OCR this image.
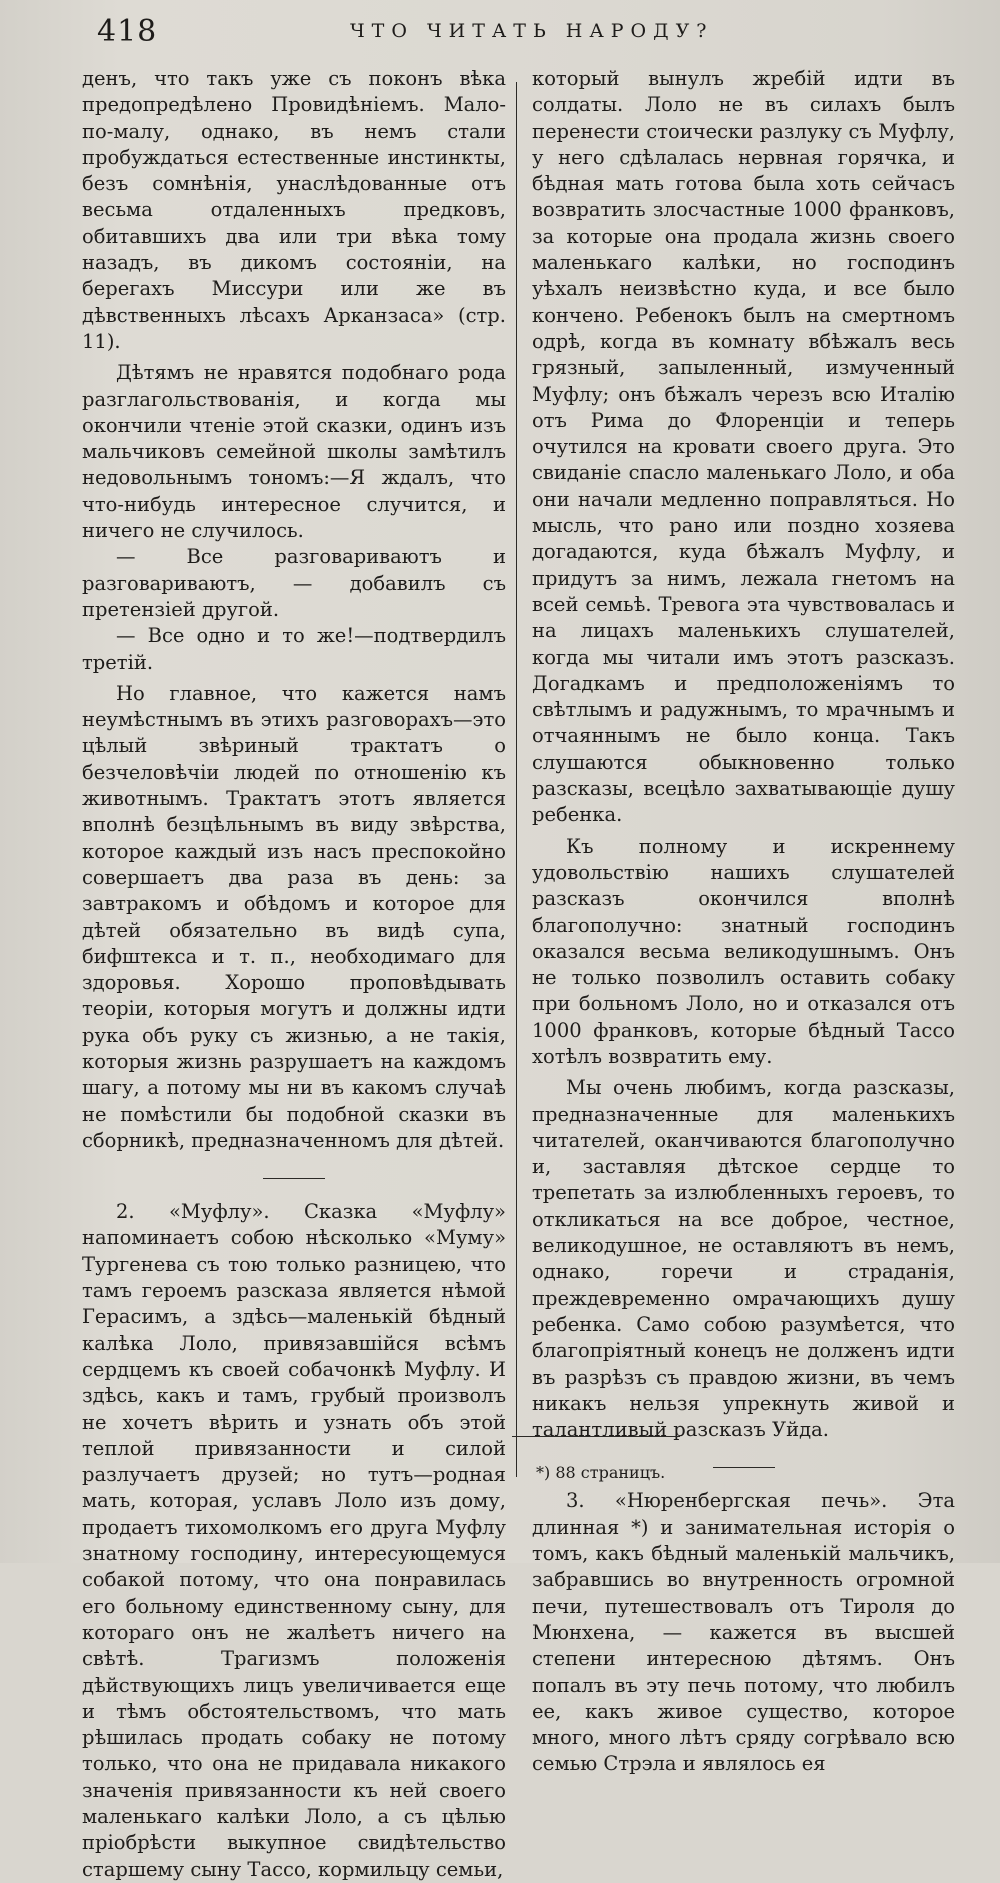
418	ЧТО ЧИТАТЬ НАРОДУ?

денъ, что такъ уже съ поконъ вѣка предопредѣлено Провидѣніемъ. Мало-по-малу, однако, въ немъ стали пробуждаться естественные инстинкты, безъ сомнѣнія, унаслѣдованные отъ весьма отдаленныхъ предковъ, обитавшихъ два или три вѣка тому назадъ, въ дикомъ состояніи, на берегахъ Миссури или же въ дѣвственныхъ лѣсахъ Арканзаса» (стр. 11).

Дѣтямъ не нравятся подобнаго рода разглагольствованія, и когда мы окончили чтеніе этой сказки, одинъ изъ мальчиковъ семейной школы замѣтилъ недовольнымъ тономъ:—Я ждалъ, что что-нибудь интересное случится, и ничего не случилось.

— Все разговариваютъ и разговариваютъ, — добавилъ съ претензіей другой.

— Все одно и то же!—подтвердилъ третій.

Но главное, что кажется намъ неумѣстнымъ въ этихъ разговорахъ—это цѣлый звѣриный трактатъ о безчеловѣчіи людей по отношенію къ животнымъ. Трактатъ этотъ является вполнѣ безцѣльнымъ въ виду звѣрства, которое каждый изъ насъ преспокойно совершаетъ два раза въ день: за завтракомъ и обѣдомъ и которое для дѣтей обязательно въ видѣ супа, бифштекса и т. п., необходимаго для здоровья. Хорошо проповѣдывать теоріи, которыя могутъ и должны идти рука объ руку съ жизнью, а не такія, которыя жизнь разрушаетъ на каждомъ шагу, а потому мы ни въ какомъ случаѣ не помѣстили бы подобной сказки въ сборникѣ, предназначенномъ для дѣтей.

2. «Муфлу». Сказка «Муфлу» напоминаетъ собою нѣсколько «Муму» Тургенева съ тою только разницею, что тамъ героемъ разсказа является нѣмой Герасимъ, а здѣсь—маленькій бѣдный калѣка Лоло, привязавшійся всѣмъ сердцемъ къ своей собачонкѣ Муфлу. И здѣсь, какъ и тамъ, грубый произволъ не хочетъ вѣрить и узнать объ этой теплой привязанности и силой разлучаетъ друзей; но тутъ—родная мать, которая, уславъ Лоло изъ дому, продаетъ тихомолкомъ его друга Муфлу знатному господину, интересующемуся собакой потому, что она понравилась его больному единственному сыну, для котораго онъ не жалѣетъ ничего на свѣтѣ. Трагизмъ положенія дѣйствующихъ лицъ увеличивается еще и тѣмъ обстоятельствомъ, что мать рѣшилась продать собаку не потому только, что она не придавала никакого значенія привязанности къ ней своего маленькаго калѣки Лоло, а съ цѣлью пріобрѣсти выкупное свидѣтельство старшему сыну Тассо, кормильцу семьи,

который вынулъ жребій идти въ солдаты. Лоло не въ силахъ былъ перенести стоически разлуку съ Муфлу, у него сдѣлалась нервная горячка, и бѣдная мать готова была хоть сейчасъ возвратить злосчастные 1000 франковъ, за которые она продала жизнь своего маленькаго калѣки, но господинъ уѣхалъ неизвѣстно куда, и все было кончено. Ребенокъ былъ на смертномъ одрѣ, когда въ комнату вбѣжалъ весь грязный, запыленный, измученный Муфлу; онъ бѣжалъ черезъ всю Италію отъ Рима до Флоренціи и теперь очутился на кровати своего друга. Это свиданіе спасло маленькаго Лоло, и оба они начали медленно поправляться. Но мысль, что рано или поздно хозяева догадаются, куда бѣжалъ Муфлу, и придутъ за нимъ, лежала гнетомъ на всей семьѣ. Тревога эта чувствовалась и на лицахъ маленькихъ слушателей, когда мы читали имъ этотъ разсказъ. Догадкамъ и предположеніямъ то свѣтлымъ и радужнымъ, то мрачнымъ и отчаяннымъ не было конца. Такъ слушаются обыкновенно только разсказы, всецѣло захватывающіе душу ребенка.

Къ полному и искреннему удовольствію нашихъ слушателей разсказъ окончился вполнѣ благополучно: знатный господинъ оказался весьма великодушнымъ. Онъ не только позволилъ оставить собаку при больномъ Лоло, но и отказался отъ 1000 франковъ, которые бѣдный Тассо хотѣлъ возвратить ему.

Мы очень любимъ, когда разсказы, предназначенные для маленькихъ читателей, оканчиваются благополучно и, заставляя дѣтское сердце то трепетать за излюбленныхъ героевъ, то откликаться на все доброе, честное, великодушное, не оставляютъ въ немъ, однако, горечи и страданія, преждевременно омрачающихъ душу ребенка. Само собою разумѣется, что благопріятный конецъ не долженъ идти въ разрѣзъ съ правдою жизни, въ чемъ никакъ нельзя упрекнуть живой и талантливый разсказъ Уйда.

3. «Нюренбергская печь». Эта длинная *) и занимательная исторія о томъ, какъ бѣдный маленькій мальчикъ, забравшись во внутренность огромной печи, путешествовалъ отъ Тироля до Мюнхена, — кажется въ высшей степени интересною дѣтямъ. Онъ попалъ въ эту печь потому, что любилъ ее, какъ живое существо, которое много, много лѣтъ сряду согрѣвало всю семью Стрэла и являлось ея

*) 88 страницъ.
